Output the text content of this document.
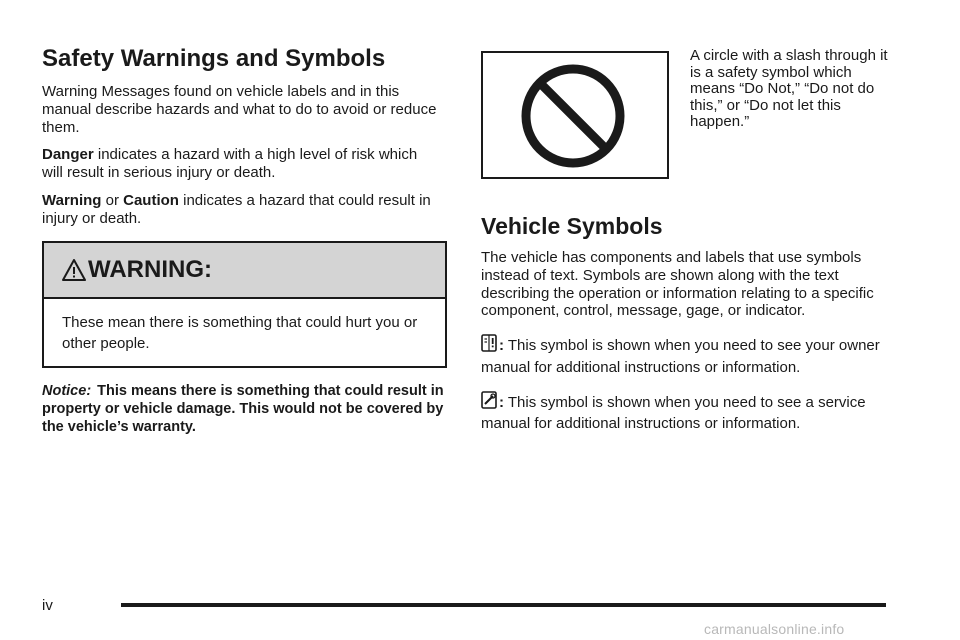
Safety Warnings and Symbols

Warning Messages found on vehicle labels and in this manual describe hazards and what to do to avoid or reduce them.

Danger indicates a hazard with a high level of risk which will result in serious injury or death.

Warning or Caution indicates a hazard that could result in injury or death.

WARNING:
These mean there is something that could hurt you or other people.
Notice: This means there is something that could result in property or vehicle damage. This would not be covered by the vehicle’s warranty.

A circle with a slash through it is a safety symbol which means “Do Not,” “Do not do this,” or “Do not let this happen.”

Vehicle Symbols

The vehicle has components and labels that use symbols instead of text. Symbols are shown along with the text describing the operation or information relating to a specific component, control, message, gage, or indicator.

: This symbol is shown when you need to see your owner manual for additional instructions or information.

: This symbol is shown when you need to see a service manual for additional instructions or information.

iv
carmanualsonline.info
